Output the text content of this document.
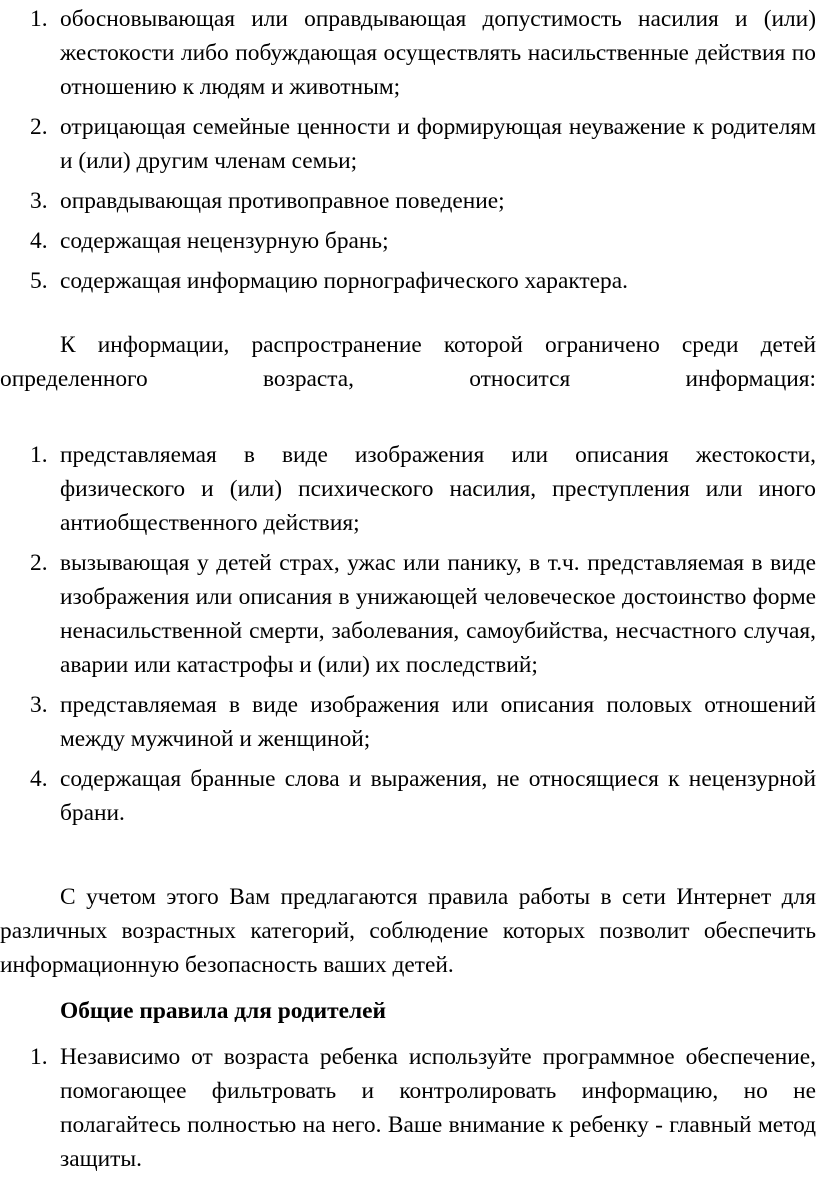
1. обосновывающая или оправдывающая допустимость насилия и (или) жестокости либо побуждающая осуществлять насильственные действия по отношению к людям и животным;
2. отрицающая семейные ценности и формирующая неуважение к родителям и (или) другим членам семьи;
3. оправдывающая противоправное поведение;
4. содержащая нецензурную брань;
5. содержащая информацию порнографического характера.
К информации, распространение которой ограничено среди детей определенного возраста, относится информация:
1. представляемая в виде изображения или описания жестокости, физического и (или) психического насилия, преступления или иного антиобщественного действия;
2. вызывающая у детей страх, ужас или панику, в т.ч. представляемая в виде изображения или описания в унижающей человеческое достоинство форме ненасильственной смерти, заболевания, самоубийства, несчастного случая, аварии или катастрофы и (или) их последствий;
3. представляемая в виде изображения или описания половых отношений между мужчиной и женщиной;
4. содержащая бранные слова и выражения, не относящиеся к нецензурной брани.
С учетом этого Вам предлагаются правила работы в сети Интернет для различных возрастных категорий, соблюдение которых позволит обеспечить информационную безопасность ваших детей.
Общие правила для родителей
1. Независимо от возраста ребенка используйте программное обеспечение, помогающее фильтровать и контролировать информацию, но не полагайтесь полностью на него. Ваше внимание к ребенку - главный метод защиты.
